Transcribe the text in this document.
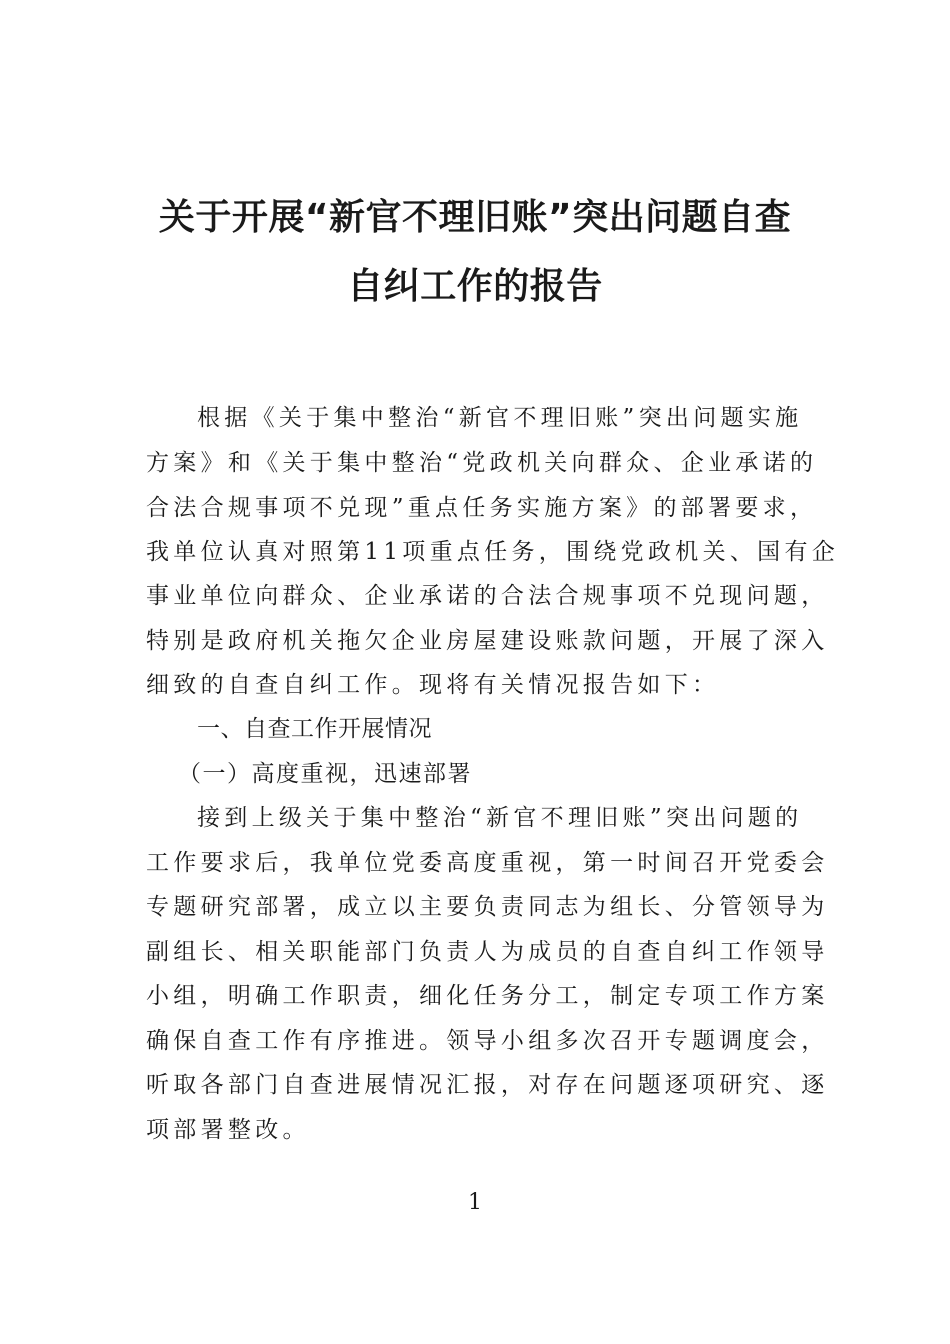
关于开展“新官不理旧账”突出问题自查
自纠工作的报告
根据《关于集中整治“新官不理旧账”突出问题实施
方案》和《关于集中整治“党政机关向群众、企业承诺的
合法合规事项不兑现”重点任务实施方案》的部署要求，
我单位认真对照第11项重点任务，围绕党政机关、国有企
事业单位向群众、企业承诺的合法合规事项不兑现问题，
特别是政府机关拖欠企业房屋建设账款问题，开展了深入
细致的自查自纠工作。现将有关情况报告如下：
一、自查工作开展情况
（一）高度重视，迅速部署
接到上级关于集中整治“新官不理旧账”突出问题的
工作要求后，我单位党委高度重视，第一时间召开党委会
专题研究部署，成立以主要负责同志为组长、分管领导为
副组长、相关职能部门负责人为成员的自查自纠工作领导
小组，明确工作职责，细化任务分工，制定专项工作方案
确保自查工作有序推进。领导小组多次召开专题调度会，
听取各部门自查进展情况汇报，对存在问题逐项研究、逐
项部署整改。
1
